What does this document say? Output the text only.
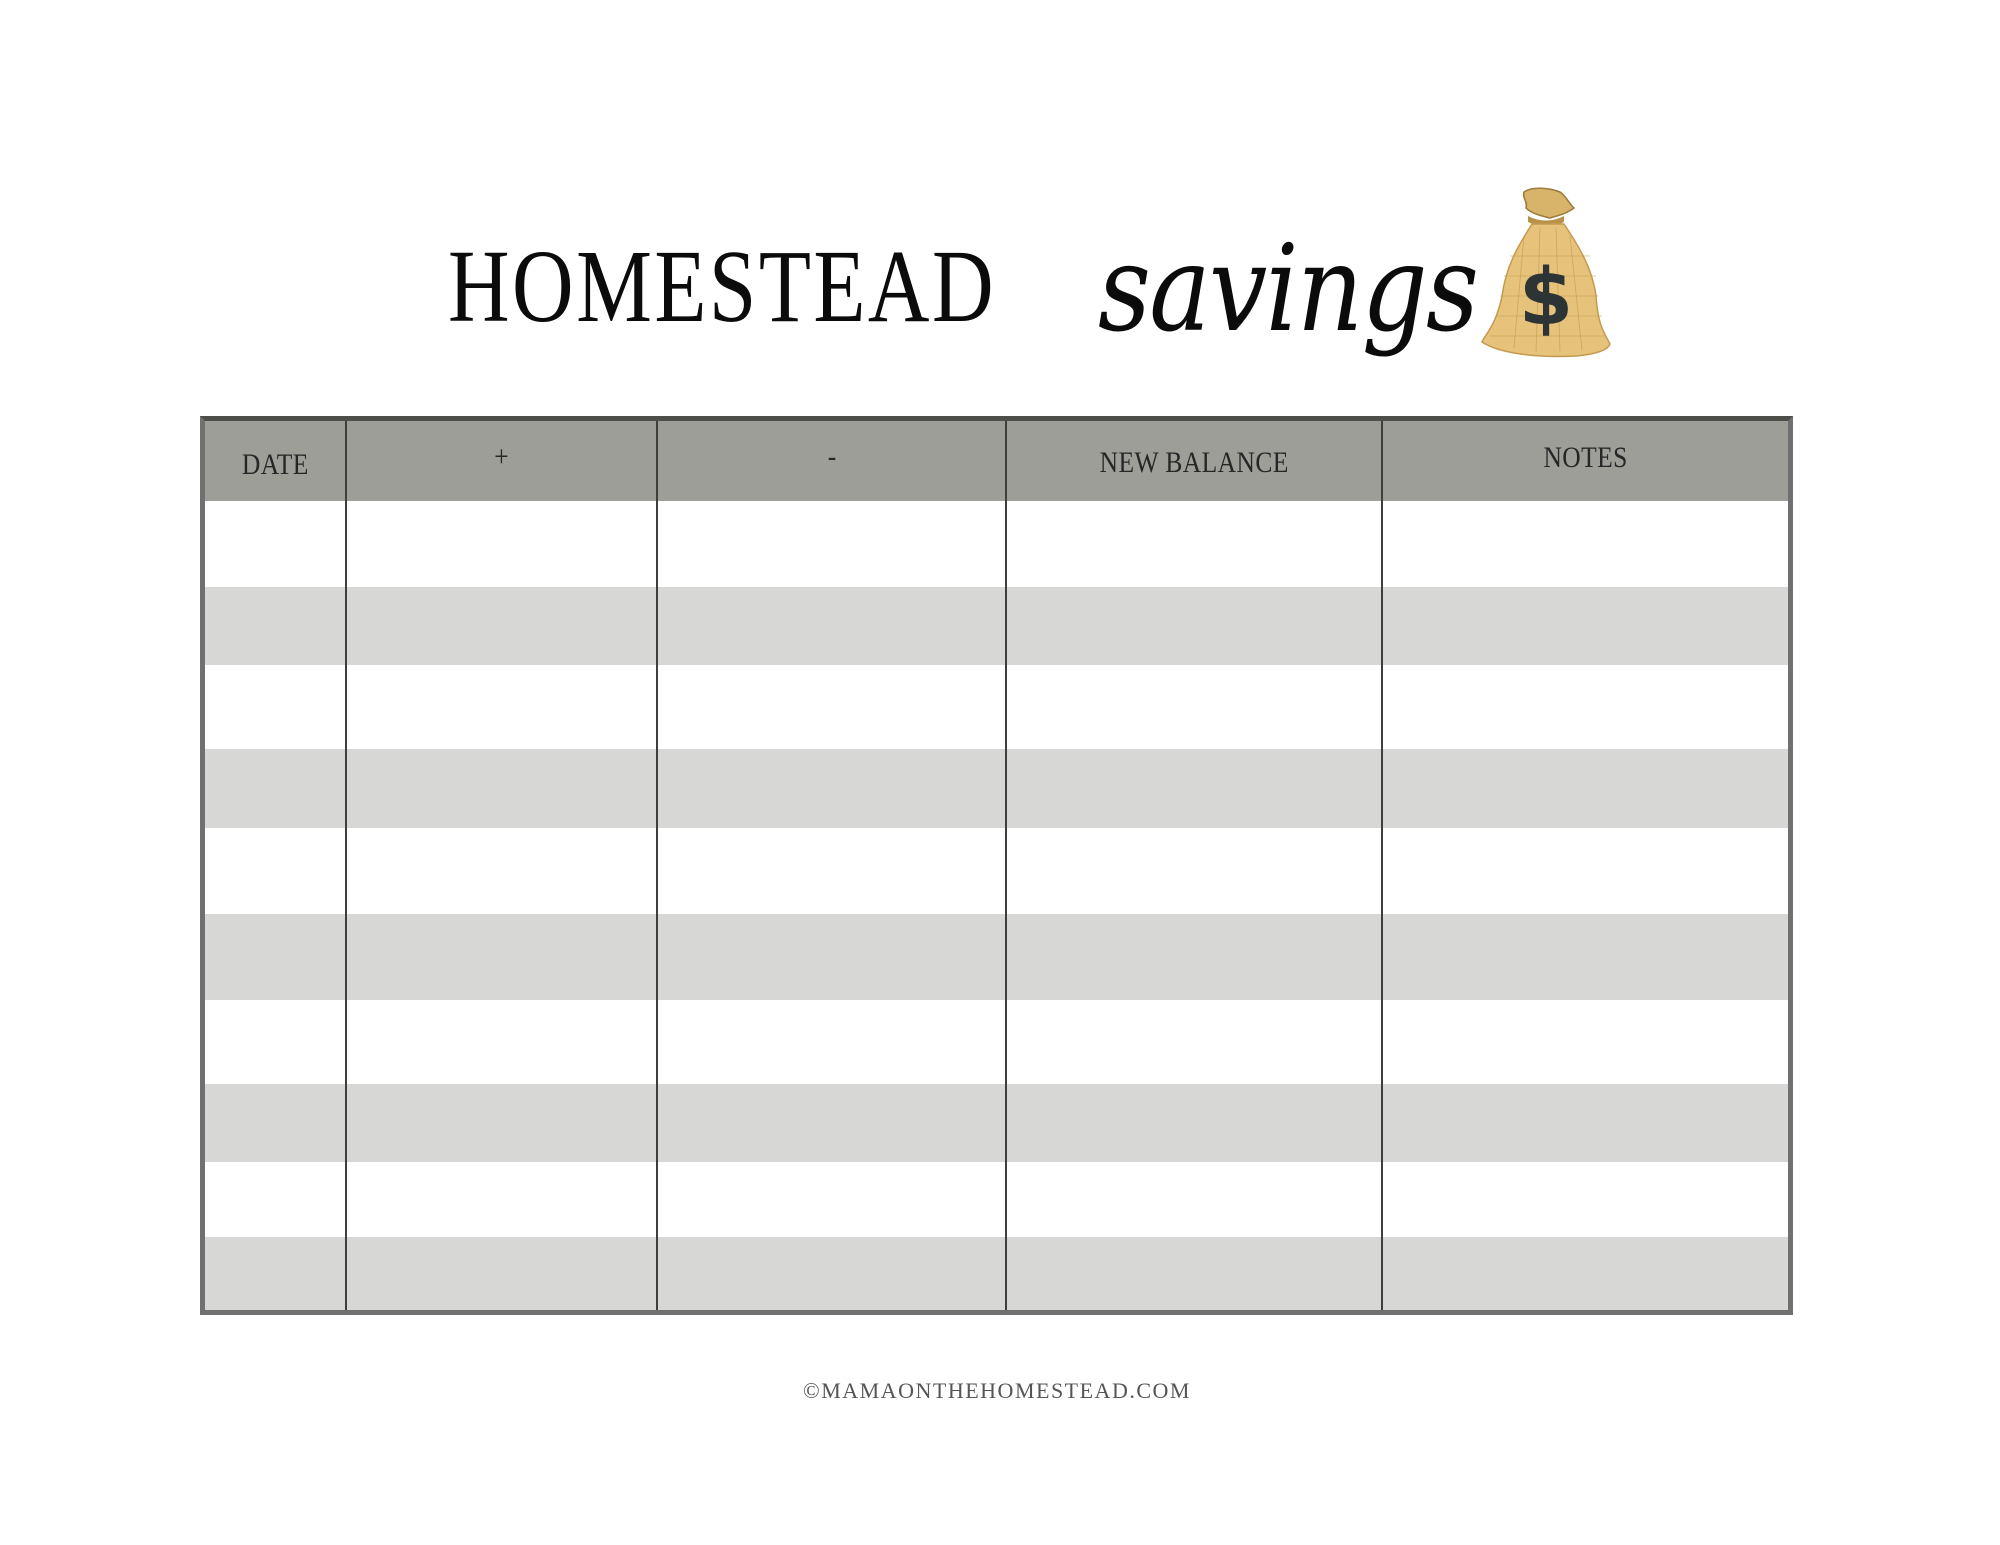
HOMESTEAD savings $
DATE	+	-	NEW BALANCE	NOTES
©MAMAONTHEHOMESTEAD.COM
